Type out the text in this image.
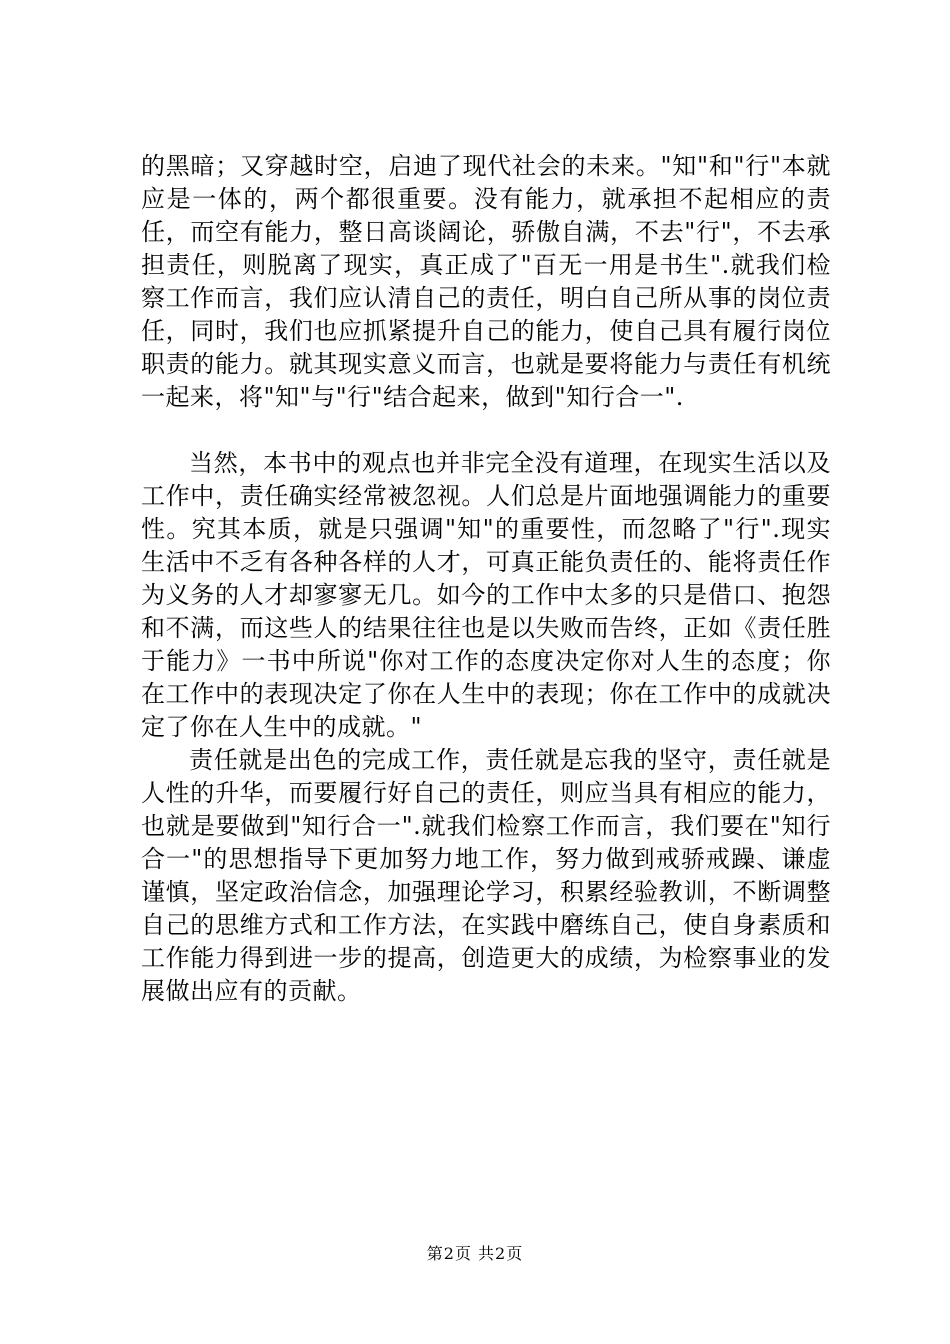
的黑暗；又穿越时空，启迪了现代社会的未来。"知"和"行"本就应是一体的，两个都很重要。没有能力，就承担不起相应的责任，而空有能力，整日高谈阔论，骄傲自满，不去"行"，不去承担责任，则脱离了现实，真正成了"百无一用是书生".就我们检察工作而言，我们应认清自己的责任，明白自己所从事的岗位责任，同时，我们也应抓紧提升自己的能力，使自己具有履行岗位职责的能力。就其现实意义而言，也就是要将能力与责任有机统一起来，将"知"与"行"结合起来，做到"知行合一".

当然，本书中的观点也并非完全没有道理，在现实生活以及工作中，责任确实经常被忽视。人们总是片面地强调能力的重要性。究其本质，就是只强调"知"的重要性，而忽略了"行".现实生活中不乏有各种各样的人才，可真正能负责任的、能将责任作为义务的人才却寥寥无几。如今的工作中太多的只是借口、抱怨和不满，而这些人的结果往往也是以失败而告终，正如《责任胜于能力》一书中所说"你对工作的态度决定你对人生的态度；你在工作中的表现决定了你在人生中的表现；你在工作中的成就决定了你在人生中的成就。"

责任就是出色的完成工作，责任就是忘我的坚守，责任就是人性的升华，而要履行好自己的责任，则应当具有相应的能力，也就是要做到"知行合一".就我们检察工作而言，我们要在"知行合一"的思想指导下更加努力地工作，努力做到戒骄戒躁、谦虚谨慎，坚定政治信念，加强理论学习，积累经验教训，不断调整自己的思维方式和工作方法，在实践中磨练自己，使自身素质和工作能力得到进一步的提高，创造更大的成绩，为检察事业的发展做出应有的贡献。

第2页 共2页
